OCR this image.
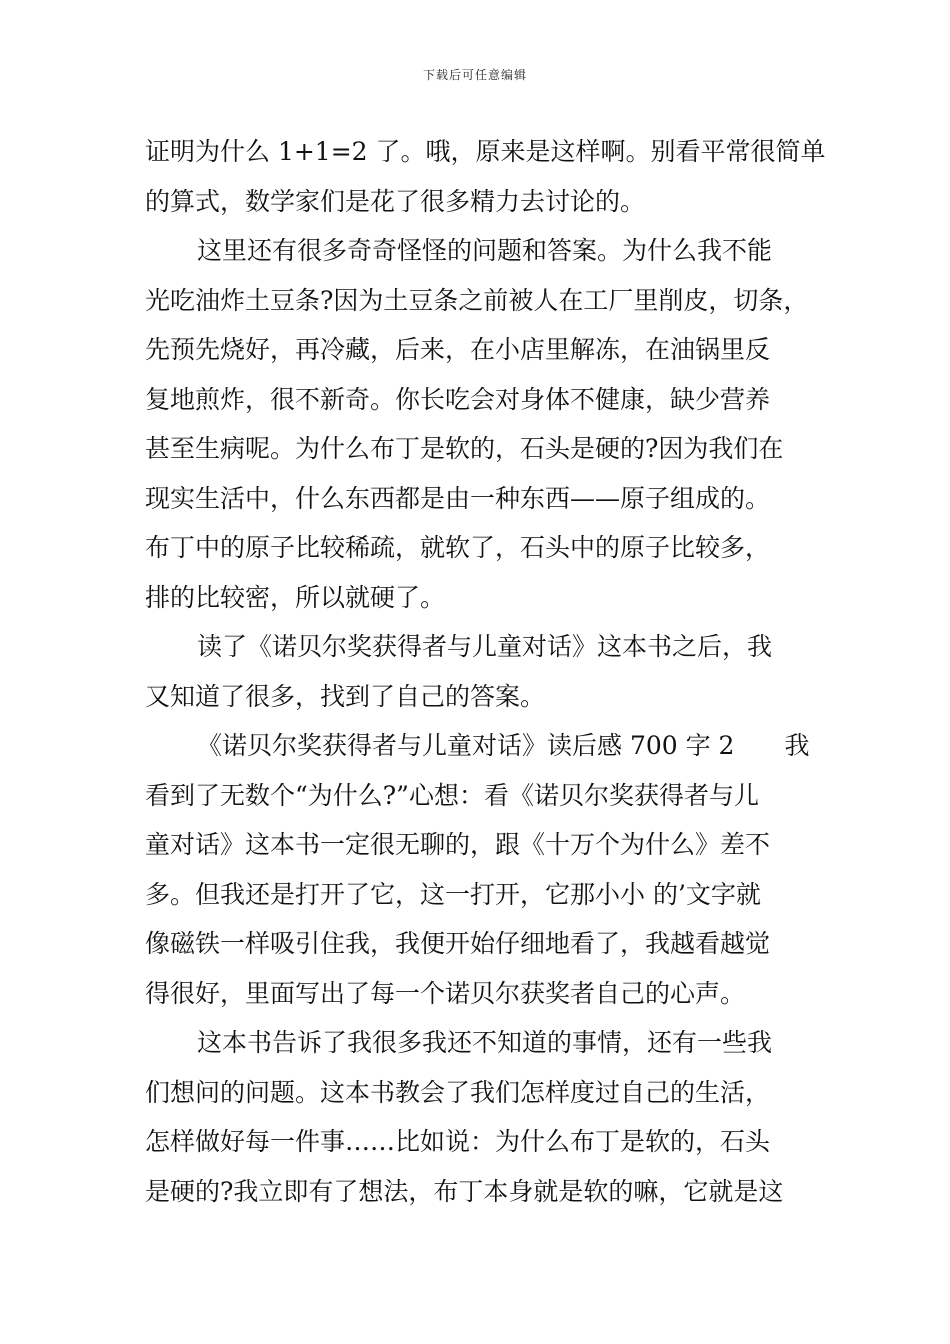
下载后可任意编辑
证明为什么 1+1=2 了。哦，原来是这样啊。别看平常很简单
的算式，数学家们是花了很多精力去讨论的。
这里还有很多奇奇怪怪的问题和答案。为什么我不能
光吃油炸土豆条?因为土豆条之前被人在工厂里削皮，切条，
先预先烧好，再冷藏，后来，在小店里解冻，在油锅里反
复地煎炸，很不新奇。你长吃会对身体不健康，缺少营养
甚至生病呢。为什么布丁是软的，石头是硬的?因为我们在
现实生活中，什么东西都是由一种东西——原子组成的。
布丁中的原子比较稀疏，就软了，石头中的原子比较多，
排的比较密，所以就硬了。
读了《诺贝尔奖获得者与儿童对话》这本书之后，我
又知道了很多，找到了自己的答案。
《诺贝尔奖获得者与儿童对话》读后感 700 字 2　　我
看到了无数个“为什么?”心想：看《诺贝尔奖获得者与儿
童对话》这本书一定很无聊的，跟《十万个为什么》差不
多。但我还是打开了它，这一打开，它那小小 的’文字就
像磁铁一样吸引住我，我便开始仔细地看了，我越看越觉
得很好，里面写出了每一个诺贝尔获奖者自己的心声。
这本书告诉了我很多我还不知道的事情，还有一些我
们想问的问题。这本书教会了我们怎样度过自己的生活，
怎样做好每一件事……比如说：为什么布丁是软的，石头
是硬的?我立即有了想法，布丁本身就是软的嘛，它就是这
